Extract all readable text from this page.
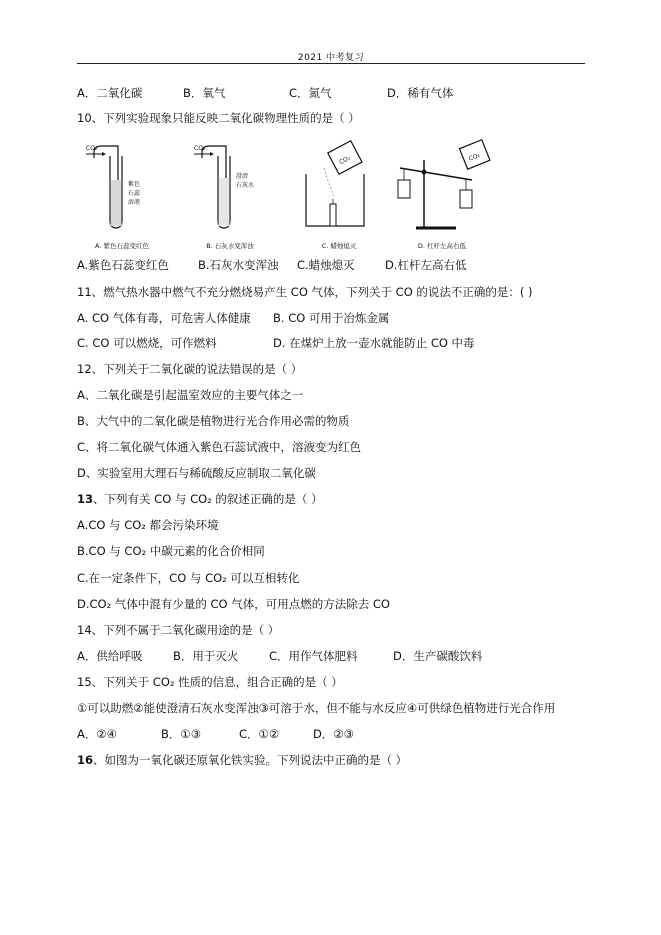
2021 中考复习
A．二氧化碳	B．氧气	C．氮气	D．稀有气体
10、下列实验现象只能反映二氧化碳物理性质的是（ ）
CO₂
紫色
石蕊
溶液
A. 紫色石蕊变红色
CO₂
澄清
石灰水
B. 石灰水变浑浊
CO₂
C. 蜡烛熄灭
CO₂
D. 杠杆左高右低
A.紫色石蕊变红色	B.石灰水变浑浊 C.蜡烛熄灭	D.杠杆左高右低
11、燃气热水器中燃气不充分燃烧易产生 CO 气体，下列关于 CO 的说法不正确的是：( )
A. CO 气体有毒，可危害人体健康 B. CO 可用于冶炼金属
C. CO 可以燃烧，可作燃料	D. 在煤炉上放一壶水就能防止 CO 中毒
12、下列关于二氧化碳的说法错误的是（ ）
A、二氧化碳是引起温室效应的主要气体之一
B、大气中的二氧化碳是植物进行光合作用必需的物质
C、将二氧化碳气体通入紫色石蕊试液中，溶液变为红色
D、实验室用大理石与稀硫酸反应制取二氧化碳
13、下列有关 CO 与 CO₂ 的叙述正确的是（ ）
A.CO 与 CO₂ 都会污染环境
B.CO 与 CO₂ 中碳元素的化合价相同
C.在一定条件下，CO 与 CO₂ 可以互相转化
D.CO₂ 气体中混有少量的 CO 气体，可用点燃的方法除去 CO
14、下列不属于二氧化碳用途的是（ ）
A．供给呼吸	B．用于灭火	C．用作气体肥料	D．生产碳酸饮料
15、下列关于 CO₂ 性质的信息，组合正确的是（ ）
①可以助燃②能使澄清石灰水变浑浊③可溶于水，但不能与水反应④可供绿色植物进行光合作用
A．②④	B．①③	C．①②	D．②③
16、如图为一氧化碳还原氧化铁实验。下列说法中正确的是（ ）
